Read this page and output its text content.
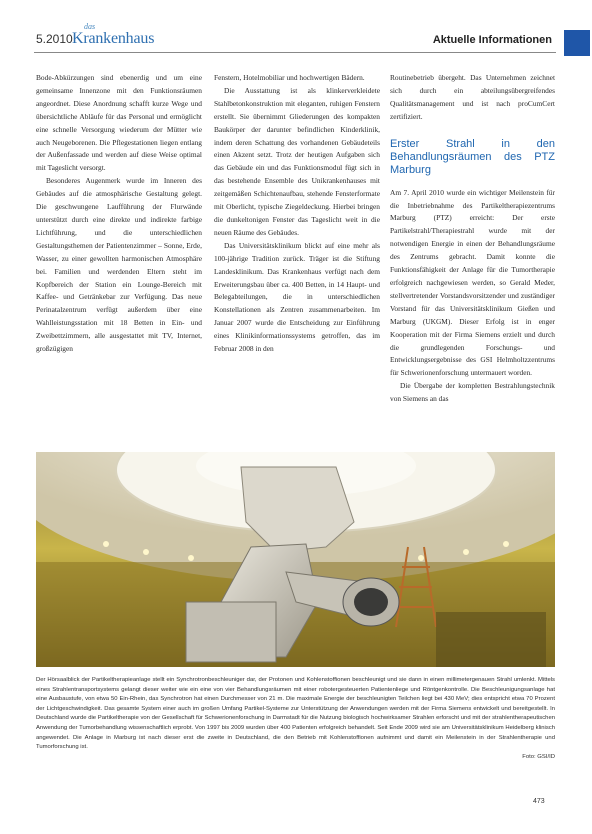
5.2010
das
Krankenhaus	Aktuelle Informationen

Bode-Abkürzungen sind ebenerdig und um eine gemeinsame Innenzone mit den Funktionsräumen angeordnet. Diese Anordnung schafft kurze Wege und übersichtliche Abläufe für das Personal und ermöglicht eine schnelle Versorgung wiederum der Mütter wie auch Neugeborenen. Die Pflegestationen liegen entlang der Außenfassade und werden auf diese Weise optimal mit Tageslicht versorgt.

Besonderes Augenmerk wurde im Inneren des Gebäudes auf die atmosphärische Gestaltung gelegt. Die geschwungene Laufführung der Flurwände unterstützt durch eine direkte und indirekte farbige Lichtführung, und die unterschiedlichen Gestaltungsthemen der Patientenzimmer – Sonne, Erde, Wasser, zu einer gewollten harmonischen Atmosphäre bei. Familien und werdenden Eltern steht im Kopfbereich der Station ein Lounge-Bereich mit Kaffee- und Getränkebar zur Verfügung. Das neue Perinatalzentrum verfügt außerdem über eine Wahlleistungsstation mit 18 Betten in Ein- und Zweibettzimmern, alle ausgestattet mit TV, Internet, großzügigen

Fenstern, Hotelmobiliar und hochwertigen Bädern.

Die Ausstattung ist als klinkerverkleidete Stahlbetonkonstruktion mit eleganten, ruhigen Fenstern erstellt. Sie übernimmt Gliederungen des kompakten Baukörper der darunter befindlichen Kinderklinik, indem deren Schattung des vorhandenen Gebäudeteils einen Akzent setzt. Trotz der heutigen Aufgaben sich das Gebäude ein und das Funktionsmodul fügt sich in das bestehende Ensemble des Unikrankenhauses mit zeitgemäßen Schichtenaufbau, stehende Fensterformate mit Oberlicht, typische Ziegeldeckung. Hierbei bringen die dunkeltonigen Fenster das Tageslicht weit in die neuen Räume des Gebäudes.

Das Universitätsklinikum blickt auf eine mehr als 100-jährige Tradition zurück. Träger ist die Stiftung Landesklinikum. Das Krankenhaus verfügt nach dem Erweiterungsbau über ca. 400 Betten, in 14 Haupt- und Belegabteilungen, die in unterschiedlichen Konstellationen als Zentren zusammenarbeiten. Im Januar 2007 wurde die Entscheidung zur Einführung eines Klinikinformationssystems getroffen, das im Februar 2008 in den

Routinebetrieb übergeht. Das Unternehmen zeichnet sich durch ein abteilungsübergreifendes Qualitätsmanagement und ist nach proCumCert zertifiziert.

Erster Strahl in den Behandlungsräumen des PTZ Marburg

Am 7. April 2010 wurde ein wichtiger Meilenstein für die Inbetriebnahme des Partikeltherapiezentrums Marburg (PTZ) erreicht: Der erste Partikelstrahl/Therapiestrahl wurde mit der notwendigen Energie in einen der Behandlungsräume des Zentrums gebracht. Damit konnte die Funktionsfähigkeit der Anlage für die Tumortherapie erfolgreich nachgewiesen werden, so Gerald Meder, stellvertretender Vorstandsvorsitzender und zuständiger Vorstand für das Universitätsklinikum Gießen und Marburg (UKGM). Dieser Erfolg ist in enger Kooperation mit der Firma Siemens erzielt und durch die grundlegenden Forschungs- und Entwicklungsergebnisse des GSI Helmholtzzentrums für Schwerionenforschung untermauert worden.

Die Übergabe der kompletten Bestrahlungstechnik von Siemens an das

Der Hörsaalblick der Partikeltherapieanlage stellt ein Synchrotronbeschleuniger dar, der Protonen und Kohlenstoffionen beschleunigt und sie dann in einen millimetergenauen Strahl umlenkt. Mittels eines Strahlentransportsystems gelangt dieser weiter wie ein eine von vier Behandlungsräumen mit einer robotergesteuerten Patientenliege und Röntgenkontrolle. Die Beschleunigungsanlage hat eine Ausbaustufe, von etwa 50 Ein-Rhein, das Synchrotron hat einen Durchmesser von 21 m. Die maximale Energie der beschleunigten Teilchen liegt bei 430 MeV; dies entspricht etwa 70 Prozent der Lichtgeschwindigkeit. Das gesamte System einer auch im großen Umfang Partikel-Systeme zur Unterstützung der Anwendungen werden mit der Firma Siemens entwickelt und bereitgestellt. In Deutschland wurde die Partikeltherapie von der Gesellschaft für Schwerionenforschung in Darmstadt für die Nutzung biologisch hochwirksamer Strahlen erforscht und mit der strahlentherapeutischen Anwendung der Tumorbehandlung wissenschaftlich erprobt. Von 1997 bis 2009 wurden über 400 Patienten erfolgreich behandelt. Seit Ende 2009 wird sie am Universitätsklinikum Heidelberg klinisch angewendet. Die Anlage in Marburg ist nach dieser erst die zweite in Deutschland, die den Betrieb mit Kohlenstoffionen aufnimmt und damit ein Meilenstein in der Strahlentherapie und Tumorforschung ist.
Foto: GSI/ID
473
